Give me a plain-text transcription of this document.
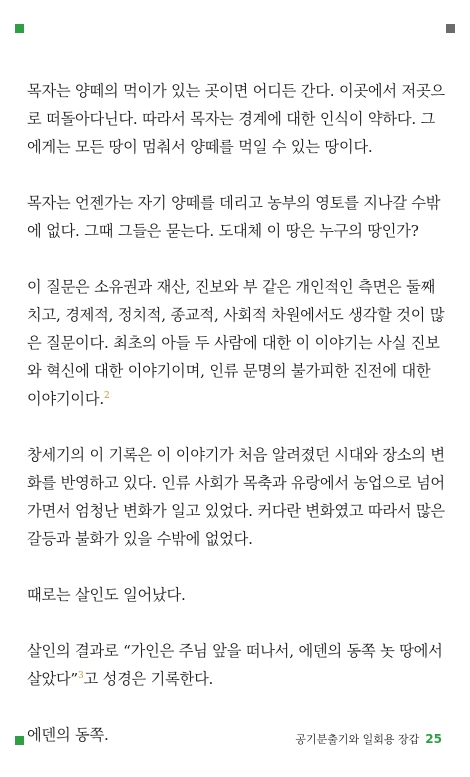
목자는 양떼의 먹이가 있는 곳이면 어디든 간다. 이곳에서 저곳으로 떠돌아다닌다. 따라서 목자는 경계에 대한 인식이 약하다. 그에게는 모든 땅이 멈춰서 양떼를 먹일 수 있는 땅이다.

목자는 언젠가는 자기 양떼를 데리고 농부의 영토를 지나갈 수밖에 없다. 그때 그들은 묻는다. 도대체 이 땅은 누구의 땅인가?

이 질문은 소유권과 재산, 진보와 부 같은 개인적인 측면은 둘째 치고, 경제적, 정치적, 종교적, 사회적 차원에서도 생각할 것이 많은 질문이다. 최초의 아들 두 사람에 대한 이 이야기는 사실 진보와 혁신에 대한 이야기이며, 인류 문명의 불가피한 진전에 대한 이야기이다.$^2$

창세기의 이 기록은 이 이야기가 처음 알려졌던 시대와 장소의 변화를 반영하고 있다. 인류 사회가 목축과 유랑에서 농업으로 넘어가면서 엄청난 변화가 일고 있었다. 커다란 변화였고 따라서 많은 갈등과 불화가 있을 수밖에 없었다.

때로는 살인도 일어났다.

살인의 결과로 “가인은 주님 앞을 떠나서, 에덴의 동쪽 놋 땅에서 살았다”$^3$고 성경은 기록한다.

에덴의 동쪽.	공기분출기와 일회용 장갑 25
